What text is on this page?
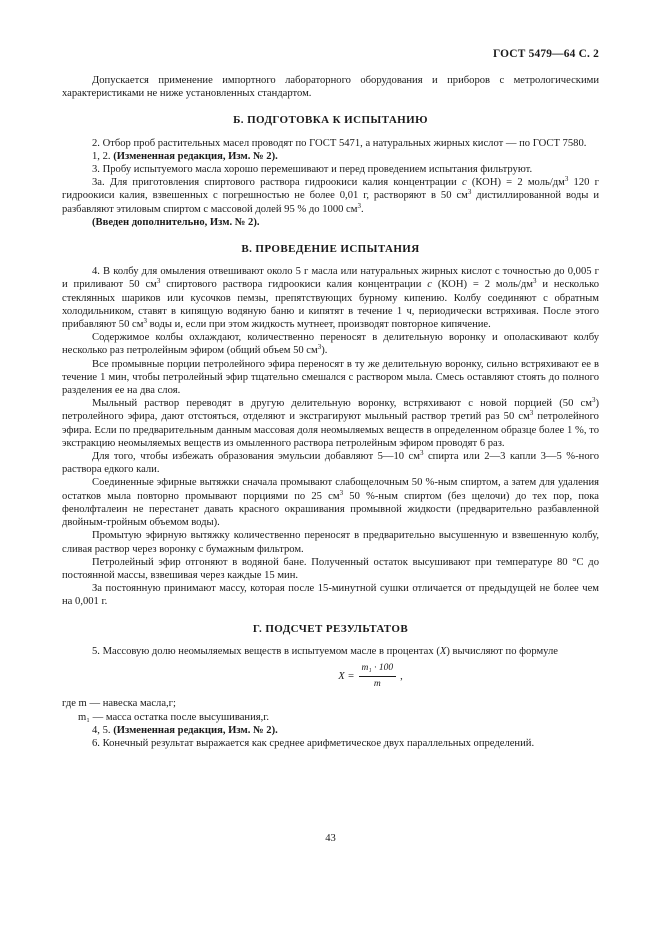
ГОСТ 5479—64 С. 2

Допускается применение импортного лабораторного оборудования и приборов с метрологическими характеристиками не ниже установленных стандартом.

Б. ПОДГОТОВКА К ИСПЫТАНИЮ

2. Отбор проб растительных масел проводят по ГОСТ 5471, а натуральных жирных кислот — по ГОСТ 7580.

1, 2. (Измененная редакция, Изм. № 2).

3. Пробу испытуемого масла хорошо перемешивают и перед проведением испытания фильтруют.

3а. Для приготовления спиртового раствора гидроокиси калия концентрации с (КОН) = 2 моль/$дм^3$ 120 г гидроокиси калия, взвешенных с погрешностью не более 0,01 г, растворяют в 50 $см^3$ дистиллированной воды и разбавляют этиловым спиртом с массовой долей 95 % до 1000 $см^3$.

(Введен дополнительно, Изм. № 2).

В. ПРОВЕДЕНИЕ ИСПЫТАНИЯ

4. В колбу для омыления отвешивают около 5 г масла или натуральных жирных кислот с точностью до 0,005 г и приливают 50 $см^3$ спиртового раствора гидроокиси калия концентрации с (КОН) = 2 моль/$дм^3$ и несколько стеклянных шариков или кусочков пемзы, препятствующих бурному кипению. Колбу соединяют с обратным холодильником, ставят в кипящую водяную баню и кипятят в течение 1 ч, периодически встряхивая. После этого прибавляют 50 $см^3$ воды и, если при этом жидкость мутнеет, производят повторное кипячение.

Содержимое колбы охлаждают, количественно переносят в делительную воронку и ополаскивают колбу несколько раз петролейным эфиром (общий объем 50 $см^3$).

Все промывные порции петролейного эфира переносят в ту же делительную воронку, сильно встряхивают ее в течение 1 мин, чтобы петролейный эфир тщательно смешался с раствором мыла. Смесь оставляют стоять до полного разделения ее на два слоя.

Мыльный раствор переводят в другую делительную воронку, встряхивают с новой порцией (50 $см^3$) петролейного эфира, дают отстояться, отделяют и экстрагируют мыльный раствор третий раз 50 $см^3$ петролейного эфира. Если по предварительным данным массовая доля неомыляемых веществ в определенном образце более 1 %, то экстракцию неомыляемых веществ из омыленного раствора петролейным эфиром проводят 6 раз.

Для того, чтобы избежать образования эмульсии добавляют 5—10 $см^3$ спирта или 2—3 капли 3—5 %-ного раствора едкого кали.

Соединенные эфирные вытяжки сначала промывают слабощелочным 50 %-ным спиртом, а затем для удаления остатков мыла повторно промывают порциями по 25 $см^3$ 50 %-ным спиртом (без щелочи) до тех пор, пока фенолфталеин не перестанет давать красного окрашивания промывной жидкости (предварительно разбавленной двойным-тройным объемом воды).

Промытую эфирную вытяжку количественно переносят в предварительно высушенную и взвешенную колбу, сливая раствор через воронку с бумажным фильтром.

Петролейный эфир отгоняют в водяной бане. Полученный остаток высушивают при температуре 80 °С до постоянной массы, взвешивая через каждые 15 мин.

За постоянную принимают массу, которая после 15-минутной сушки отличается от предыдущей не более чем на 0,001 г.

Г. ПОДСЧЕТ РЕЗУЛЬТАТОВ

5. Массовую долю неомыляемых веществ в испытуемом масле в процентах (X) вычисляют по формуле

$X = \frac{\text{m₁ · 100}}{m}$ ,

где m — навеска масла,г;

m₁ — масса остатка после высушивания,г.

4, 5. (Измененная редакция, Изм. № 2).

6. Конечный результат выражается как среднее арифметическое двух параллельных определений.

43
